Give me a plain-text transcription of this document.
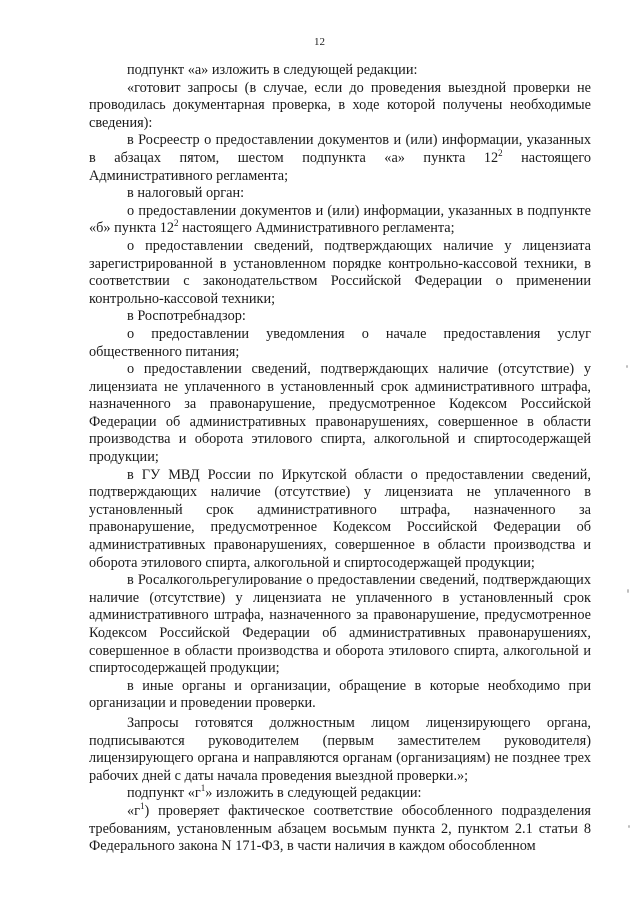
12

подпункт «а» изложить в следующей редакции:

«готовит запросы (в случае, если до проведения выездной проверки не проводилась документарная проверка, в ходе которой получены необходимые сведения):

в Росреестр о предоставлении документов и (или) информации, указанных в абзацах пятом, шестом подпункта «а» пункта $12^2$ настоящего Административного регламента;

в налоговый орган:

о предоставлении документов и (или) информации, указанных в подпункте «б» пункта $12^2$ настоящего Административного регламента;

о предоставлении сведений, подтверждающих наличие у лицензиата зарегистрированной в установленном порядке контрольно-кассовой техники, в соответствии с законодательством Российской Федерации о применении контрольно-кассовой техники;

в Роспотребнадзор:

о предоставлении уведомления о начале предоставления услуг общественного питания;

о предоставлении сведений, подтверждающих наличие (отсутствие) у лицензиата не уплаченного в установленный срок административного штрафа, назначенного за правонарушение, предусмотренное Кодексом Российской Федерации об административных правонарушениях, совершенное в области производства и оборота этилового спирта, алкогольной и спиртосодержащей продукции;

в ГУ МВД России по Иркутской области о предоставлении сведений, подтверждающих наличие (отсутствие) у лицензиата не уплаченного в установленный срок административного штрафа, назначенного за правонарушение, предусмотренное Кодексом Российской Федерации об административных правонарушениях, совершенное в области производства и оборота этилового спирта, алкогольной и спиртосодержащей продукции;

в Росалкогольрегулирование о предоставлении сведений, подтверждающих наличие (отсутствие) у лицензиата не уплаченного в установленный срок административного штрафа, назначенного за правонарушение, предусмотренное Кодексом Российской Федерации об административных правонарушениях, совершенное в области производства и оборота этилового спирта, алкогольной и спиртосодержащей продукции;

в иные органы и организации, обращение в которые необходимо при организации и проведении проверки.

Запросы готовятся должностным лицом лицензирующего органа, подписываются руководителем (первым заместителем руководителя) лицензирующего органа и направляются органам (организациям) не позднее трех рабочих дней с даты начала проведения выездной проверки.»;

подпункт «$г^1$» изложить в следующей редакции:

«$г^1$) проверяет фактическое соответствие обособленного подразделения требованиям, установленным абзацем восьмым пункта 2, пунктом 2.1 статьи 8 Федерального закона N 171-ФЗ, в части наличия в каждом обособленном
